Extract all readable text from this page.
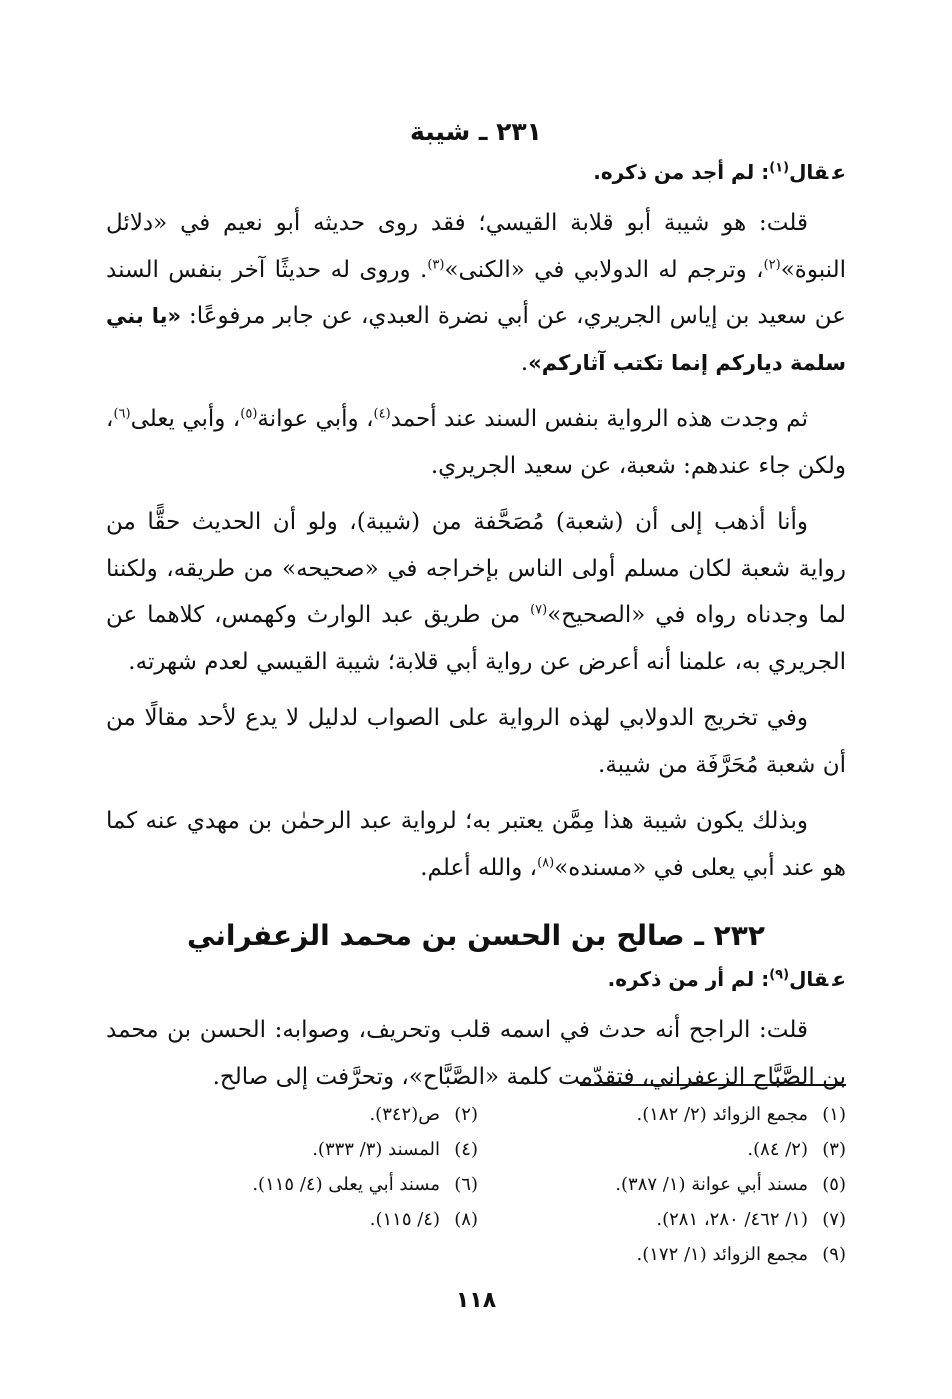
٢٣١ ـ شيبة
عقال$^{(١)}$: لم أجد من ذكره.

قلت: هو شيبة أبو قلابة القيسي؛ فقد روى حديثه أبو نعيم في «دلائل النبوة»$^{(٢)}$، وترجم له الدولابي في «الكنى»$^{(٣)}$. وروى له حديثًا آخر بنفس السند عن سعيد بن إياس الجريري، عن أبي نضرة العبدي، عن جابر مرفوعًا: «يا بني سلمة دياركم إنما تكتب آثاركم».

ثم وجدت هذه الرواية بنفس السند عند أحمد$^{(٤)}$، وأبي عوانة$^{(٥)}$، وأبي يعلى$^{(٦)}$، ولكن جاء عندهم: شعبة، عن سعيد الجريري.

وأنا أذهب إلى أن (شعبة) مُصَحَّفة من (شيبة)، ولو أن الحديث حقًّا من رواية شعبة لكان مسلم أولى الناس بإخراجه في «صحيحه» من طريقه، ولكننا لما وجدناه رواه في «الصحيح»$^{(٧)}$ من طريق عبد الوارث وكهمس، كلاهما عن الجريري به، علمنا أنه أعرض عن رواية أبي قلابة؛ شيبة القيسي لعدم شهرته.

وفي تخريج الدولابي لهذه الرواية على الصواب لدليل لا يدع لأحد مقالًا من أن شعبة مُحَرَّفَة من شيبة.

وبذلك يكون شيبة هذا مِمَّن يعتبر به؛ لرواية عبد الرحمٰن بن مهدي عنه كما هو عند أبي يعلى في «مسنده»$^{(٨)}$، والله أعلم.

٢٣٢ ـ صالح بن الحسن بن محمد الزعفراني
عقال$^{(٩)}$: لم أر من ذكره.

قلت: الراجح أنه حدث في اسمه قلب وتحريف، وصوابه: الحسن بن محمد بن الصَّبَّاح الزعفراني، فتقدّمت كلمة «الصَّبَّاح»، وتحرَّفت إلى صالح.

(١)
مجمع الزوائد (٢/ ١٨٢).
(٢)
ص(٣٤٢).
(٣)
(٢/ ٨٤).
(٤)
المسند (٣/ ٣٣٣).
(٥)
مسند أبي عوانة (١/ ٣٨٧).
(٦)
مسند أبي يعلى (٤/ ١١٥).
(٧)
(١/ ٤٦٢/ ٢٨٠، ٢٨١).
(٨)
(٤/ ١١٥).
(٩)
مجمع الزوائد (١/ ١٧٢).
١١٨
